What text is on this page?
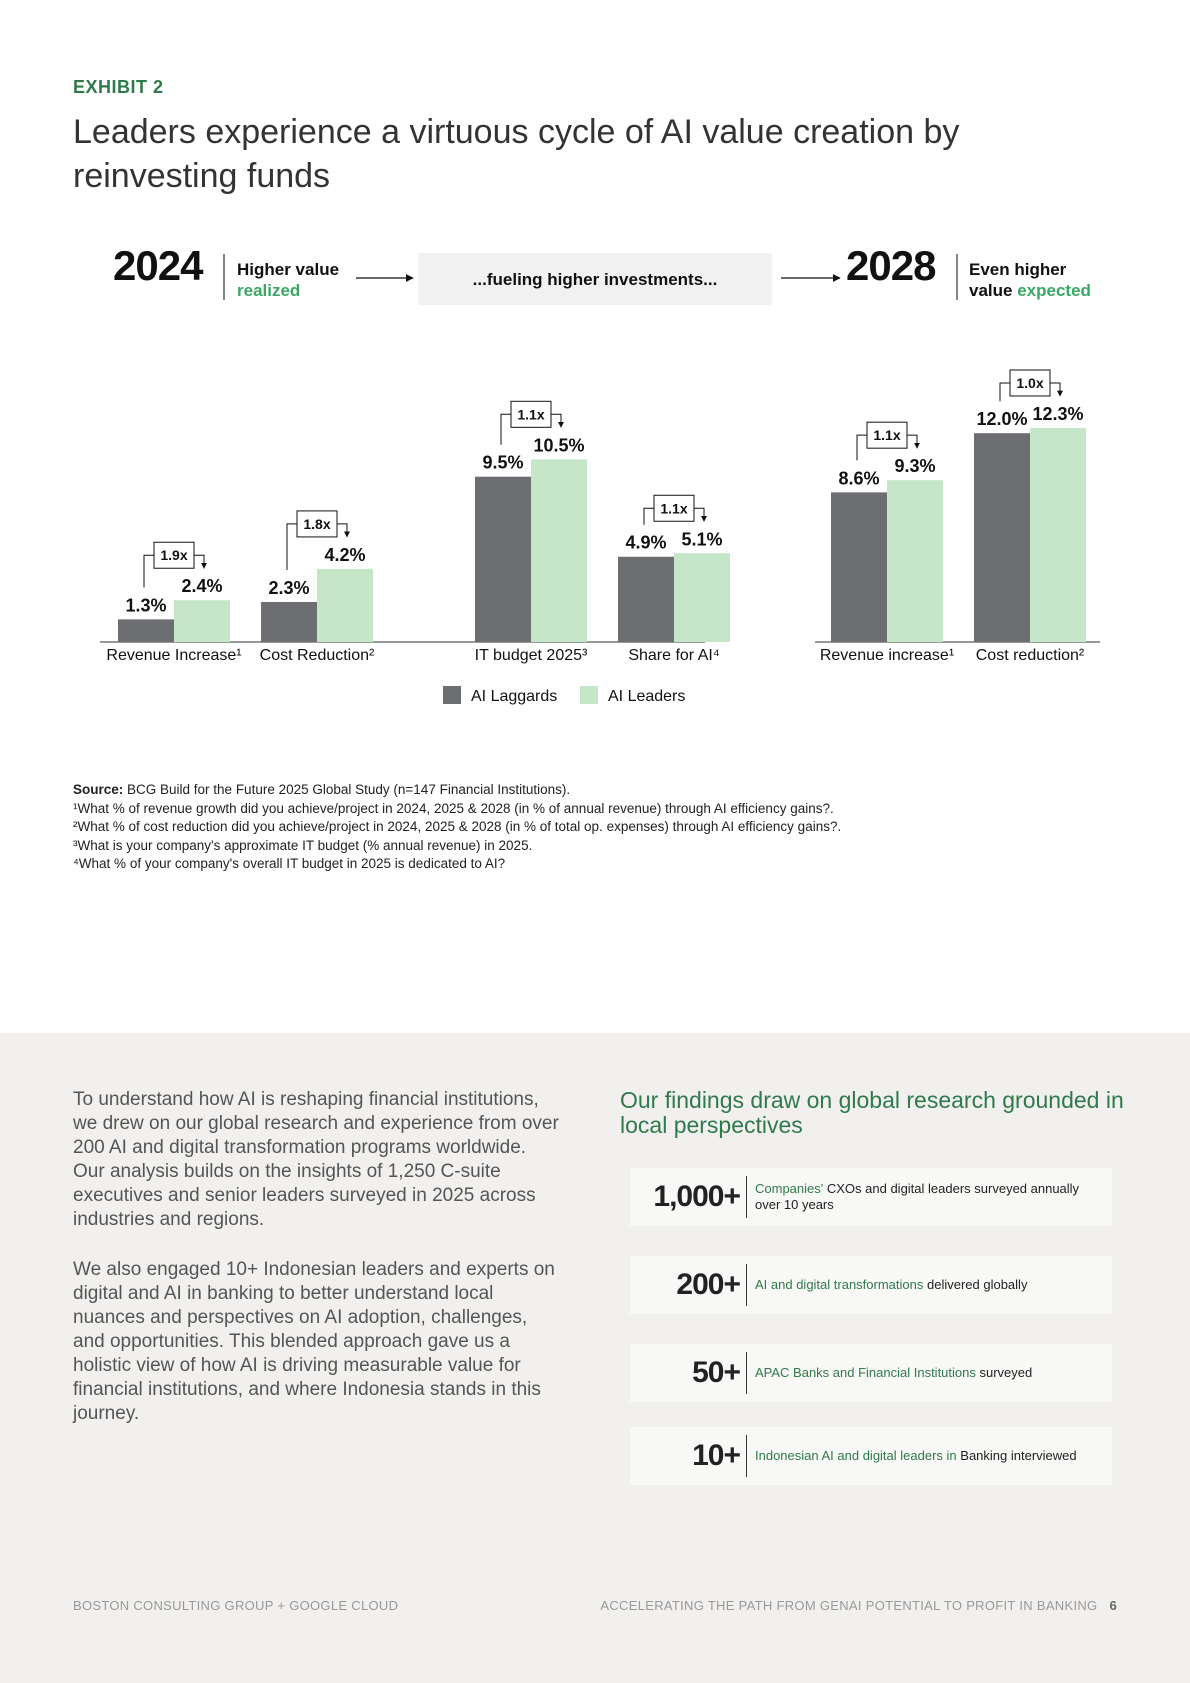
EXHIBIT 2
Leaders experience a virtuous cycle of AI value creation by reinvesting funds
2024 Higher value
realized
...fueling higher investments...	2028 Even higher
value expected
1.3%
2.4%
1.9x
Revenue Increase¹
2.3%
4.2%
1.8x
Cost Reduction²
9.5%
10.5%
1.1x
IT budget 2025³
4.9% 5.1%
1.1x
Share for AI⁴
8.6%
9.3%
1.1x
Revenue increase¹
12.0% 12.3%
1.0x
Cost reduction²
AI Laggards	AI Leaders
Source: BCG Build for the Future 2025 Global Study (n=147 Financial Institutions).
¹What % of revenue growth did you achieve/project in 2024, 2025 & 2028 (in % of annual revenue) through AI efficiency gains?.
²What % of cost reduction did you achieve/project in 2024, 2025 & 2028 (in % of total op. expenses) through AI efficiency gains?.
³What is your company's approximate IT budget (% annual revenue) in 2025.
⁴What % of your company's overall IT budget in 2025 is dedicated to AI?

To understand how AI is reshaping financial institutions, we drew on our global research and experience from over 200 AI and digital transformation programs worldwide. Our analysis builds on the insights of 1,250 C-suite executives and senior leaders surveyed in 2025 across industries and regions.

We also engaged 10+ Indonesian leaders and experts on digital and AI in banking to better understand local nuances and perspectives on AI adoption, challenges, and opportunities. This blended approach gave us a holistic view of how AI is driving measurable value for financial institutions, and where Indonesia stands in this journey.

Our findings draw on global research grounded in local perspectives
1,000+ Companies' CXOs and digital leaders surveyed annually over 10 years
200+ AI and digital transformations delivered globally
50+ APAC Banks and Financial Institutions surveyed
10+ Indonesian AI and digital leaders in Banking interviewed
BOSTON CONSULTING GROUP + GOOGLE CLOUD	ACCELERATING THE PATH FROM GENAI POTENTIAL TO PROFIT IN BANKING 6
